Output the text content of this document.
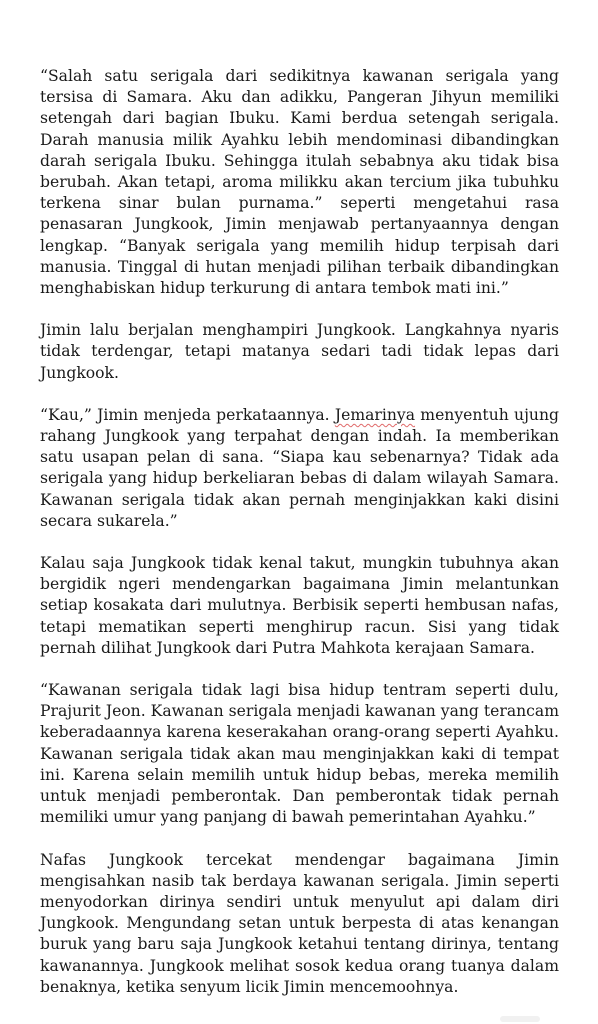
“Salah satu serigala dari sedikitnya kawanan serigala yang tersisa di Samara. Aku dan adikku, Pangeran Jihyun memiliki setengah dari bagian Ibuku. Kami berdua setengah serigala. Darah manusia milik Ayahku lebih mendominasi dibandingkan darah serigala Ibuku. Sehingga itulah sebabnya aku tidak bisa berubah. Akan tetapi, aroma milikku akan tercium jika tubuhku terkena sinar bulan purnama.” seperti mengetahui rasa penasaran Jungkook, Jimin menjawab pertanyaannya dengan lengkap. “Banyak serigala yang memilih hidup terpisah dari manusia. Tinggal di hutan menjadi pilihan terbaik dibandingkan menghabiskan hidup terkurung di antara tembok mati ini.”

Jimin lalu berjalan menghampiri Jungkook. Langkahnya nyaris tidak terdengar, tetapi matanya sedari tadi tidak lepas dari Jungkook.

“Kau,” Jimin menjeda perkataannya. Jemarinya menyentuh ujung rahang Jungkook yang terpahat dengan indah. Ia memberikan satu usapan pelan di sana. “Siapa kau sebenarnya? Tidak ada serigala yang hidup berkeliaran bebas di dalam wilayah Samara. Kawanan serigala tidak akan pernah menginjakkan kaki disini secara sukarela.”

Kalau saja Jungkook tidak kenal takut, mungkin tubuhnya akan bergidik ngeri mendengarkan bagaimana Jimin melantunkan setiap kosakata dari mulutnya. Berbisik seperti hembusan nafas, tetapi mematikan seperti menghirup racun. Sisi yang tidak pernah dilihat Jungkook dari Putra Mahkota kerajaan Samara.

“Kawanan serigala tidak lagi bisa hidup tentram seperti dulu, Prajurit Jeon. Kawanan serigala menjadi kawanan yang terancam keberadaannya karena keserakahan orang-orang seperti Ayahku. Kawanan serigala tidak akan mau menginjakkan kaki di tempat ini. Karena selain memilih untuk hidup bebas, mereka memilih untuk menjadi pemberontak. Dan pemberontak tidak pernah memiliki umur yang panjang di bawah pemerintahan Ayahku.”

Nafas Jungkook tercekat mendengar bagaimana Jimin mengisahkan nasib tak berdaya kawanan serigala. Jimin seperti menyodorkan dirinya sendiri untuk menyulut api dalam diri Jungkook. Mengundang setan untuk berpesta di atas kenangan buruk yang baru saja Jungkook ketahui tentang dirinya, tentang kawanannya. Jungkook melihat sosok kedua orang tuanya dalam benaknya, ketika senyum licik Jimin mencemoohnya.
